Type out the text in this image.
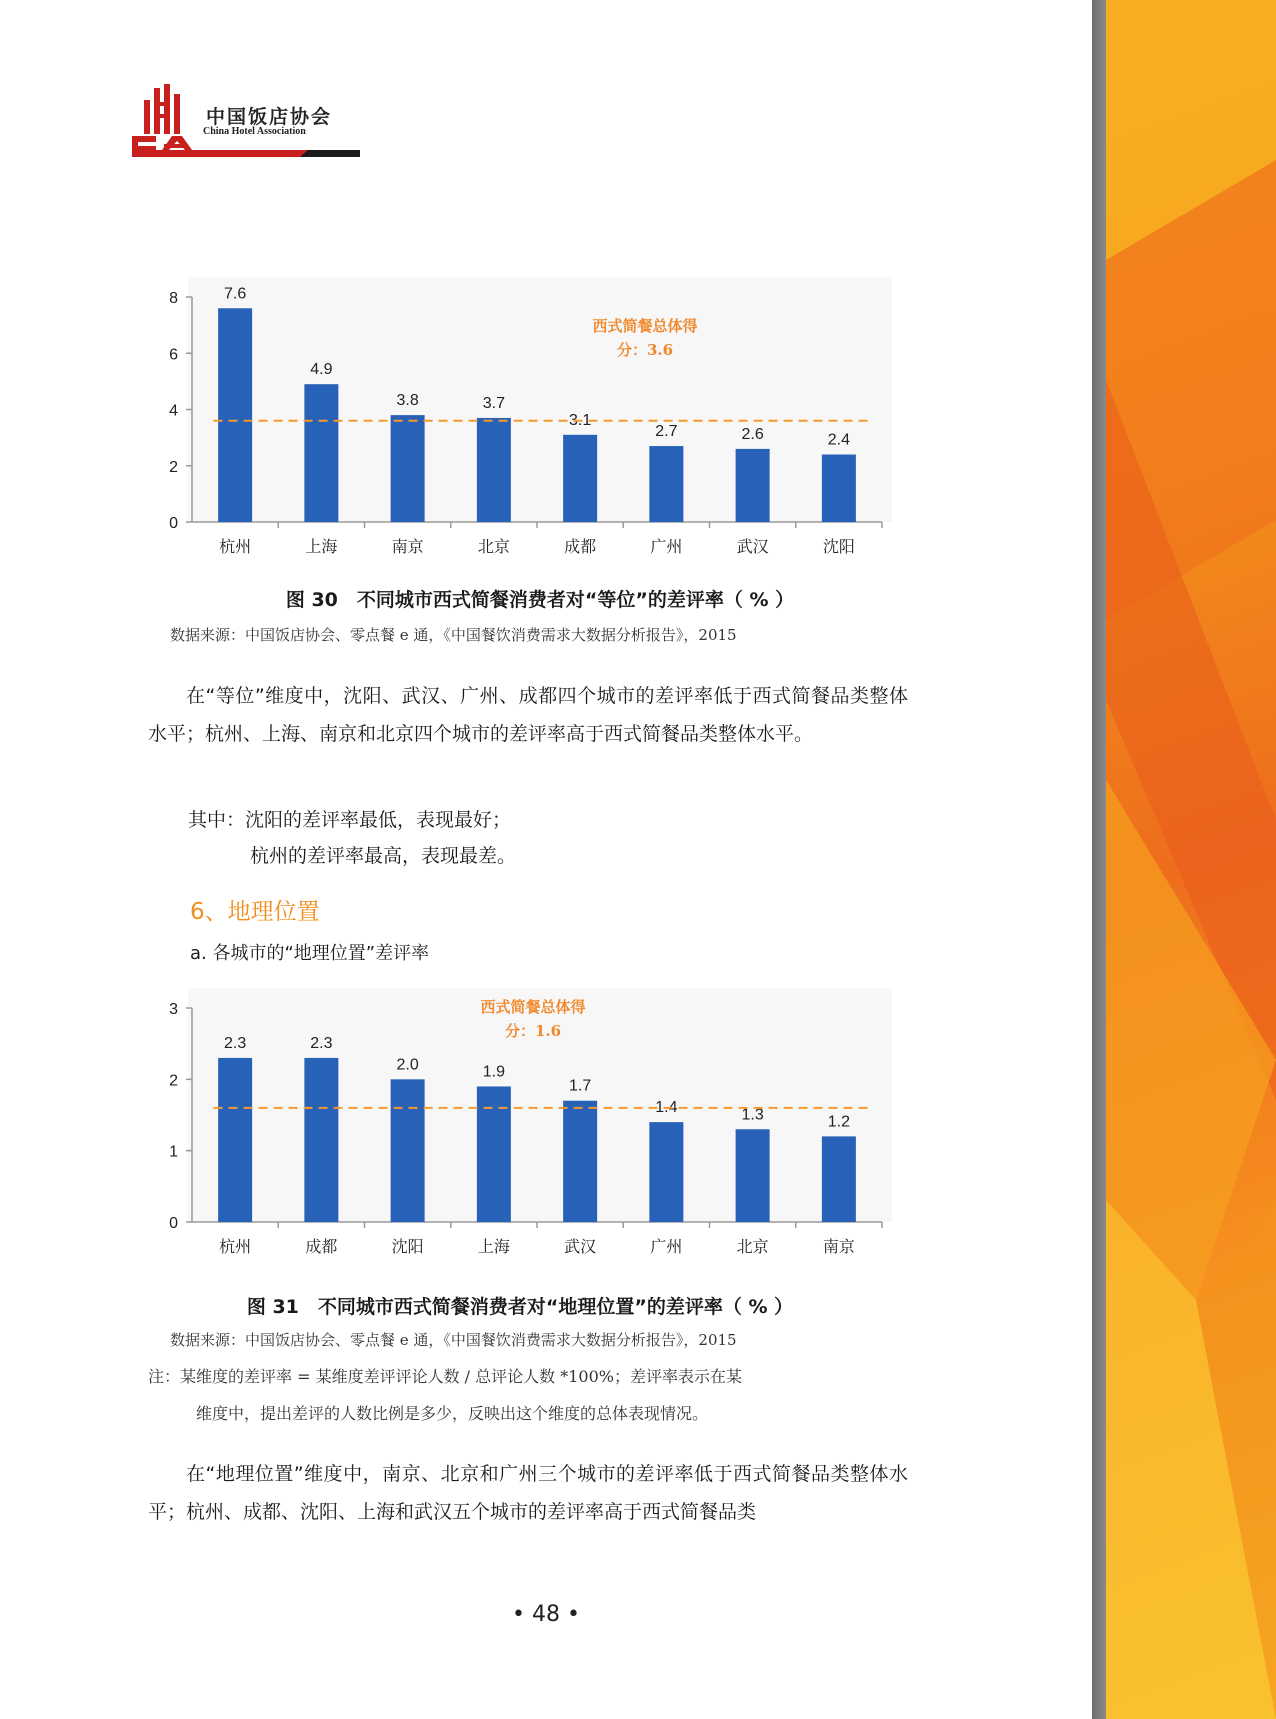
中国饭店协会
China Hotel Association
0
2
4
6
8	7.6
杭州
4.9
上海
3.8
南京
3.7
北京
3.1
成都
2.7
广州
2.6
武汉
2.4
沈阳
西式简餐总体得
分：3.6
图 30　不同城市西式简餐消费者对“等位”的差评率（ % ）
数据来源：中国饭店协会、零点餐 e 通，《中国餐饮消费需求大数据分析报告》，2015
在“等位”维度中，沈阳、武汉、广州、成都四个城市的差评率低于西式简餐品类整体水平；杭州、上海、南京和北京四个城市的差评率高于西式简餐品类整体水平。
其中：沈阳的差评率最低，表现最好；
杭州的差评率最高，表现最差。
6、地理位置
a. 各城市的“地理位置”差评率
0
1
2
3
2.3
杭州
2.3
成都
2.0
沈阳
1.9
上海
1.7
武汉
1.4
广州
1.3
北京
1.2
南京
西式简餐总体得
分：1.6
图 31　不同城市西式简餐消费者对“地理位置”的差评率（ % ）
数据来源：中国饭店协会、零点餐 e 通，《中国餐饮消费需求大数据分析报告》，2015
注：某维度的差评率 = 某维度差评评论人数 / 总评论人数 *100%；差评率表示在某
维度中，提出差评的人数比例是多少，反映出这个维度的总体表现情况。
在“地理位置”维度中，南京、北京和广州三个城市的差评率低于西式简餐品类整体水平；杭州、成都、沈阳、上海和武汉五个城市的差评率高于西式简餐品类
• 48 •
